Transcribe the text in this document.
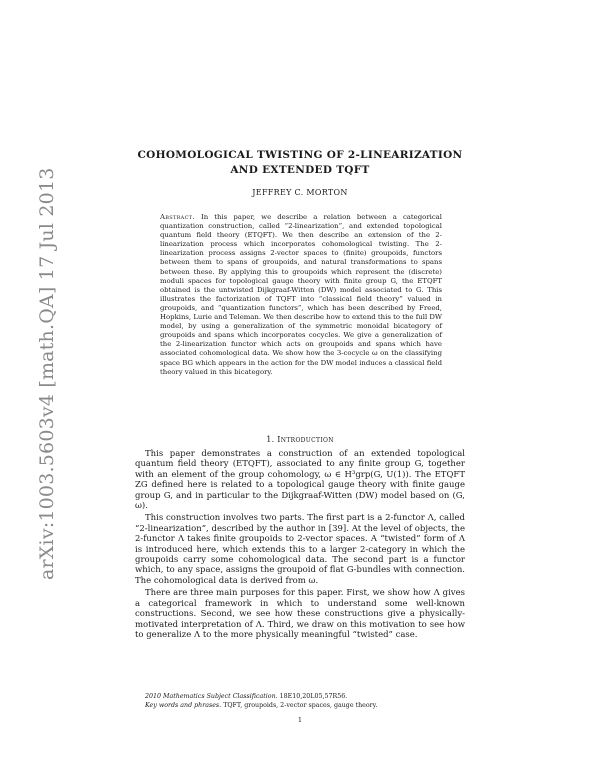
arXiv:1003.5603v4 [math.QA] 17 Jul 2013
COHOMOLOGICAL TWISTING OF 2-LINEARIZATION AND EXTENDED TQFT
JEFFREY C. MORTON
Abstract. In this paper, we describe a relation between a categorical quantization construction, called “2-linearization”, and extended topological quantum field theory (ETQFT). We then describe an extension of the 2-linearization process which incorporates cohomological twisting. The 2-linearization process assigns 2-vector spaces to (finite) groupoids, functors between them to spans of groupoids, and natural transformations to spans between these. By applying this to groupoids which represent the (discrete) moduli spaces for topological gauge theory with finite group G, the ETQFT obtained is the untwisted Dijkgraaf-Witten (DW) model associated to G. This illustrates the factorization of TQFT into “classical field theory” valued in groupoids, and “quantization functors”, which has been described by Freed, Hopkins, Lurie and Teleman. We then describe how to extend this to the full DW model, by using a generalization of the symmetric monoidal bicategory of groupoids and spans which incorporates cocycles. We give a generalization of the 2-linearization functor which acts on groupoids and spans which have associated cohomological data. We show how the 3-cocycle ω on the classifying space BG which appears in the action for the DW model induces a classical field theory valued in this bicategory.
1. Introduction

This paper demonstrates a construction of an extended topological quantum field theory (ETQFT), associated to any finite group G, together with an element of the group cohomology, ω ∈ H³grp(G, U(1)). The ETQFT ZG defined here is related to a topological gauge theory with finite gauge group G, and in particular to the Dijkgraaf-Witten (DW) model based on (G, ω).

This construction involves two parts. The first part is a 2-functor Λ, called “2-linearization”, described by the author in [39]. At the level of objects, the 2-functor Λ takes finite groupoids to 2-vector spaces. A “twisted” form of Λ is introduced here, which extends this to a larger 2-category in which the groupoids carry some cohomological data. The second part is a functor which, to any space, assigns the groupoid of flat G-bundles with connection. The cohomological data is derived from ω.

There are three main purposes for this paper. First, we show how Λ gives a categorical framework in which to understand some well-known constructions. Second, we see how these constructions give a physically-motivated interpretation of Λ. Third, we draw on this motivation to see how to generalize Λ to the more physically meaningful “twisted” case.

2010 Mathematics Subject Classification. 18E10,20L05,57R56.
Key words and phrases. TQFT, groupoids, 2-vector spaces, gauge theory.
1
